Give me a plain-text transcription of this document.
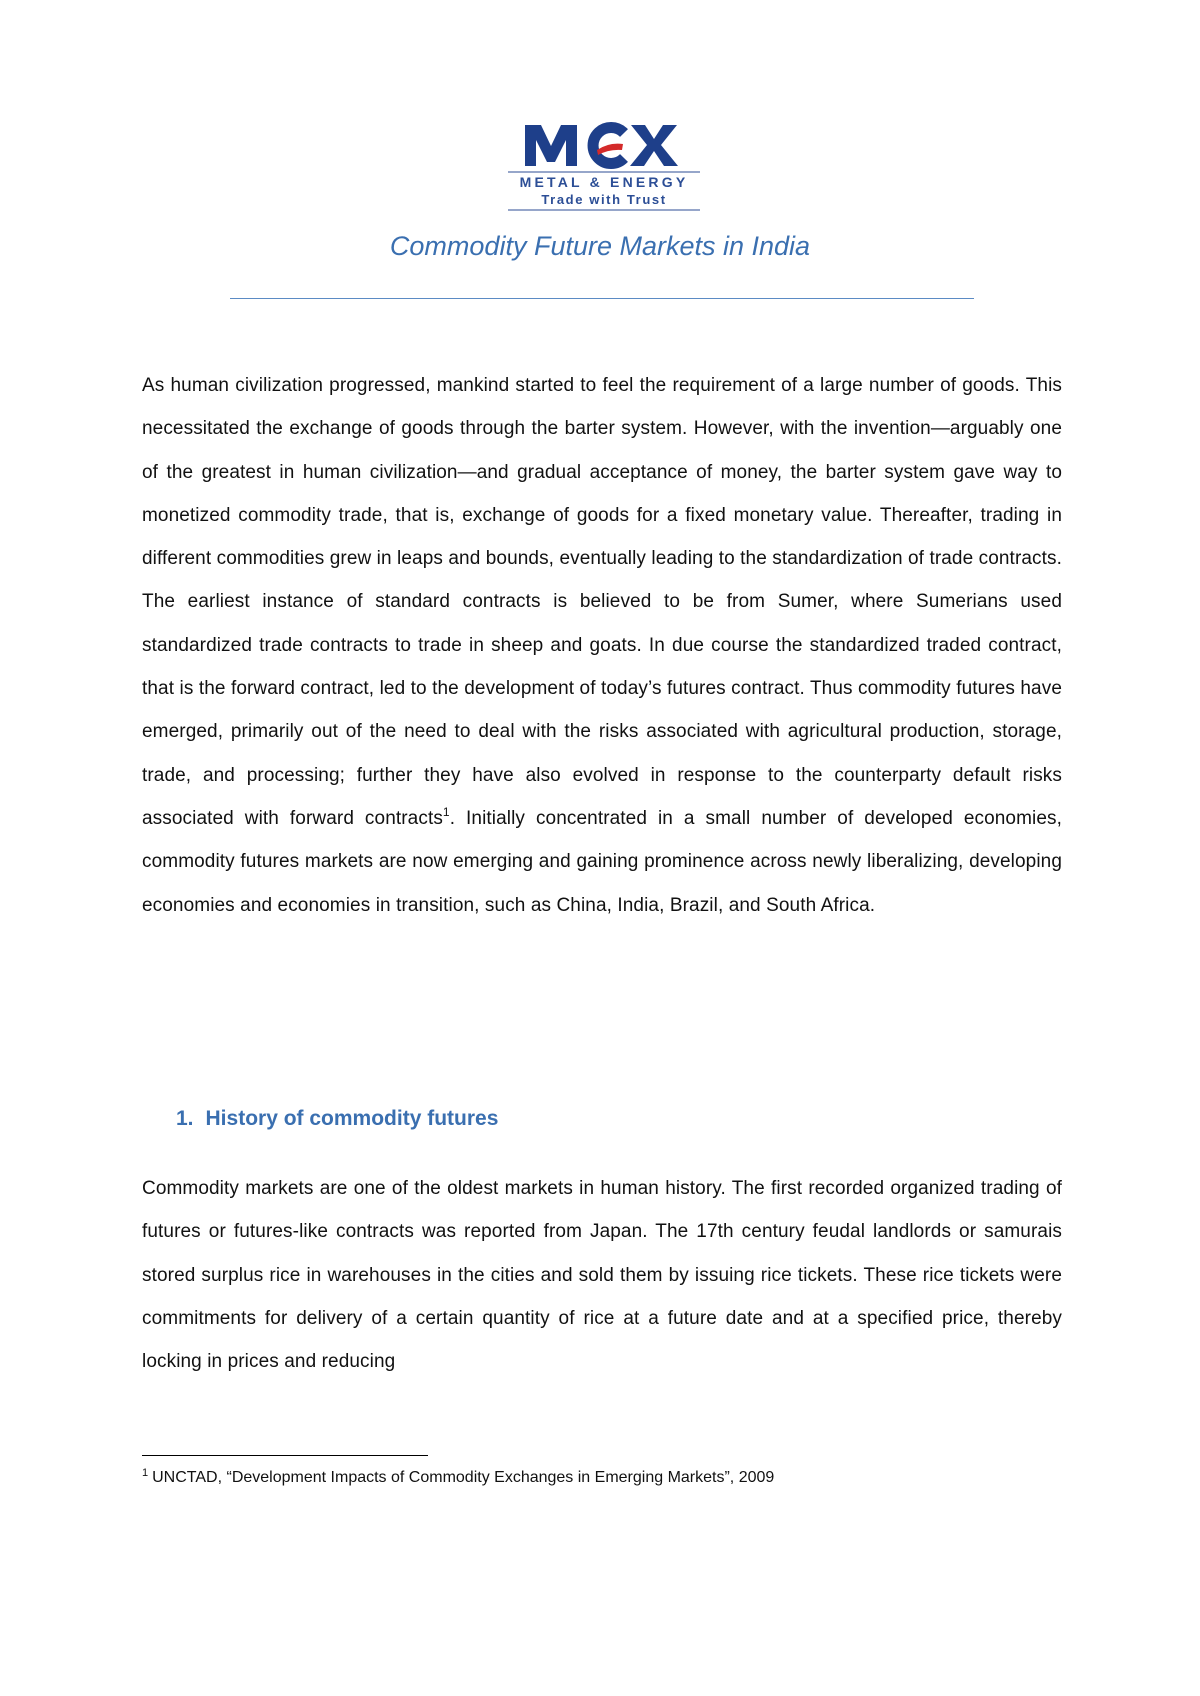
METAL & ENERGY
Trade with Trust
Commodity Future Markets in India

As human civilization progressed, mankind started to feel the requirement of a large number of goods. This necessitated the exchange of goods through the barter system. However, with the invention—arguably one of the greatest in human civilization—and gradual acceptance of money, the barter system gave way to monetized commodity trade, that is, exchange of goods for a fixed monetary value. Thereafter, trading in different commodities grew in leaps and bounds, eventually leading to the standardization of trade contracts. The earliest instance of standard contracts is believed to be from Sumer, where Sumerians used standardized trade contracts to trade in sheep and goats. In due course the standardized traded contract, that is the forward contract, led to the development of today’s futures contract. Thus commodity futures have emerged, primarily out of the need to deal with the risks associated with agricultural production, storage, trade, and processing; further they have also evolved in response to the counterparty default risks associated with forward contracts$^1$. Initially concentrated in a small number of developed economies, commodity futures markets are now emerging and gaining prominence across newly liberalizing, developing economies and economies in transition, such as China, India, Brazil, and South Africa.

1. History of commodity futures

Commodity markets are one of the oldest markets in human history. The first recorded organized trading of futures or futures-like contracts was reported from Japan. The 17th century feudal landlords or samurais stored surplus rice in warehouses in the cities and sold them by issuing rice tickets. These rice tickets were commitments for delivery of a certain quantity of rice at a future date and at a specified price, thereby locking in prices and reducing

$^1$ UNCTAD, “Development Impacts of Commodity Exchanges in Emerging Markets”, 2009
